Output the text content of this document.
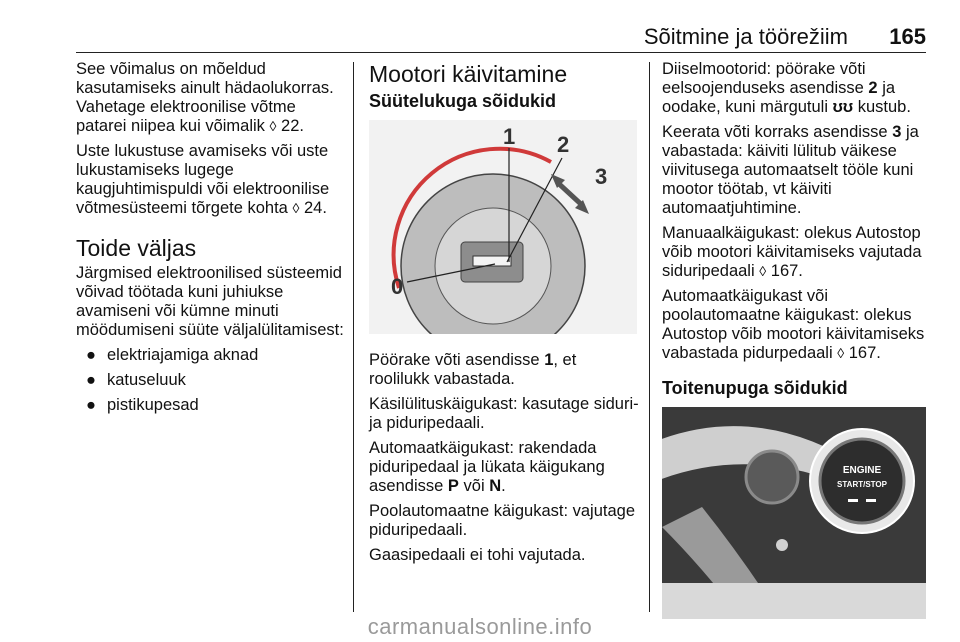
Sõitmine ja töörežiim 165

See võimalus on mõeldud kasutamiseks ainult hädaolukorras. Vahetage elektroonilise võtme patarei niipea kui võimalik ◊ 22.

Uste lukustuse avamiseks või uste lukustamiseks lugege kaugjuhtimispuldi või elektroonilise võtmesüsteemi tõrgete kohta ◊ 24.

Toide väljas

Järgmised elektroonilised süsteemid võivad töötada kuni juhiukse avamiseni või kümne minuti möödumiseni süüte väljalülitamisest:

● elektriajamiga aknad
● katuseluuk
● pistikupesad
Mootori käivitamine
Süütelukuga sõidukid
1 2
3
0

Pöörake võti asendisse 1, et roolilukk vabastada.

Käsilülituskäigukast: kasutage siduri- ja piduripedaali.

Automaatkäigukast: rakendada piduripedaal ja lükata käigukang asendisse P või N.

Poolautomaatne käigukast: vajutage piduripedaali.

Gaasipedaali ei tohi vajutada.

Diiselmootorid: pöörake võti eelsoojenduseks asendisse 2 ja oodake, kuni märgutuli ʊʊ kustub.

Keerata võti korraks asendisse 3 ja vabastada: käiviti lülitub väikese viivitusega automaatselt tööle kuni mootor töötab, vt käiviti automaatjuhtimine.

Manuaalkäigukast: olekus Autostop võib mootori käivitamiseks vajutada siduripedaali ◊ 167.

Automaatkäigukast või poolautomaatne käigukast: olekus Autostop võib mootori käivitamiseks vabastada pidurpedaali ◊ 167.

Toitenupuga sõidukid
ENGINE
START/STOP
carmanualsonline.info
